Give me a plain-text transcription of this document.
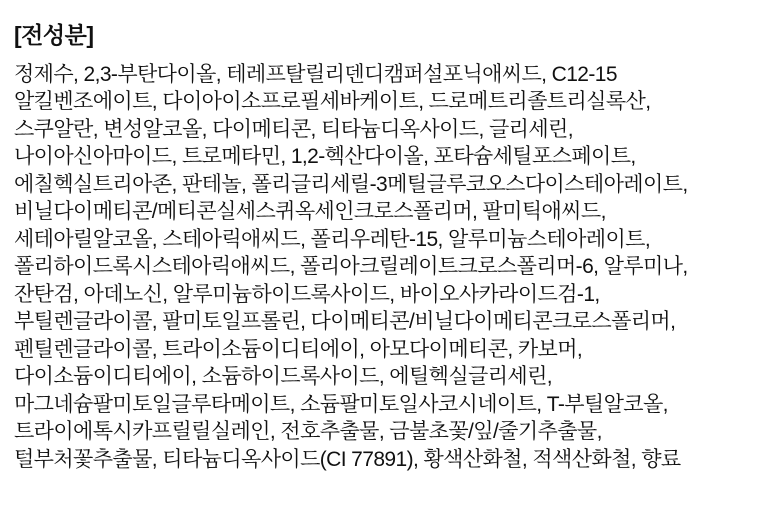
[전성분]
정제수, 2,3-부탄다이올, 테레프탈릴리덴디캠퍼설포닉애씨드, C12-15
알킬벤조에이트, 다이아이소프로필세바케이트, 드로메트리졸트리실록산,
스쿠알란, 변성알코올, 다이메티콘, 티타늄디옥사이드, 글리세린,
나이아신아마이드, 트로메타민, 1,2-헥산다이올, 포타슘세틸포스페이트,
에칠헥실트리아존, 판테놀, 폴리글리세릴-3메틸글루코오스다이스테아레이트,
비닐다이메티콘/메티콘실세스퀴옥세인크로스폴리머, 팔미틱애씨드,
세테아릴알코올, 스테아릭애씨드, 폴리우레탄-15, 알루미늄스테아레이트,
폴리하이드록시스테아릭애씨드, 폴리아크릴레이트크로스폴리머-6, 알루미나,
잔탄검, 아데노신, 알루미늄하이드록사이드, 바이오사카라이드검-1,
부틸렌글라이콜, 팔미토일프롤린, 다이메티콘/비닐다이메티콘크로스폴리머,
펜틸렌글라이콜, 트라이소듐이디티에이, 아모다이메티콘, 카보머,
다이소듐이디티에이, 소듐하이드록사이드, 에틸헥실글리세린,
마그네슘팔미토일글루타메이트, 소듐팔미토일사코시네이트, T-부틸알코올,
트라이에톡시카프릴릴실레인, 전호추출물, 금불초꽃/잎/줄기추출물,
털부처꽃추출물, 티타늄디옥사이드(CI 77891), 황색산화철, 적색산화철, 향료
